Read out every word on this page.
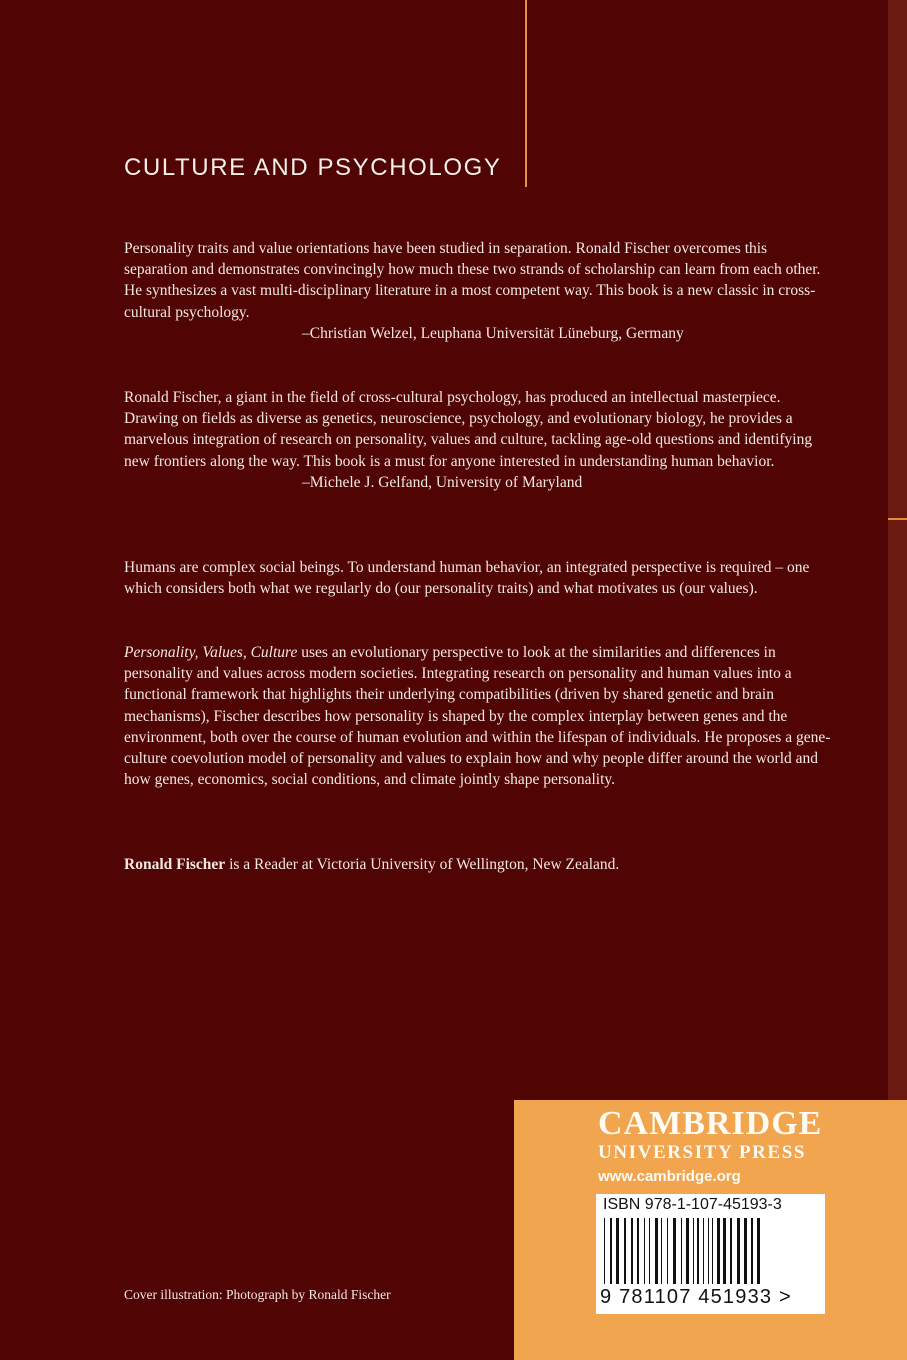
CULTURE AND PSYCHOLOGY

Personality traits and value orientations have been studied in separation. Ronald Fischer overcomes this separation and demonstrates convincingly how much these two strands of scholarship can learn from each other. He synthesizes a vast multi-disciplinary literature in a most competent way. This book is a new classic in cross-cultural psychology.

–Christian Welzel, Leuphana Universität Lüneburg, Germany

Ronald Fischer, a giant in the field of cross-cultural psychology, has produced an intellectual masterpiece. Drawing on fields as diverse as genetics, neuroscience, psychology, and evolutionary biology, he provides a marvelous integration of research on personality, values and culture, tackling age-old questions and identifying new frontiers along the way. This book is a must for anyone interested in understanding human behavior.

–Michele J. Gelfand, University of Maryland

Humans are complex social beings. To understand human behavior, an integrated perspective is required – one which considers both what we regularly do (our personality traits) and what motivates us (our values).

Personality, Values, Culture uses an evolutionary perspective to look at the similarities and differences in personality and values across modern societies. Integrating research on personality and human values into a functional framework that highlights their underlying compatibilities (driven by shared genetic and brain mechanisms), Fischer describes how personality is shaped by the complex interplay between genes and the environment, both over the course of human evolution and within the lifespan of individuals. He proposes a gene-culture coevolution model of personality and values to explain how and why people differ around the world and how genes, economics, social conditions, and climate jointly shape personality.

Ronald Fischer is a Reader at Victoria University of Wellington, New Zealand.

Cover illustration: Photograph by Ronald Fischer
CAMBRIDGE
UNIVERSITY PRESS
www.cambridge.org
ISBN 978-1-107-45193-3
9 781107 451933 >
